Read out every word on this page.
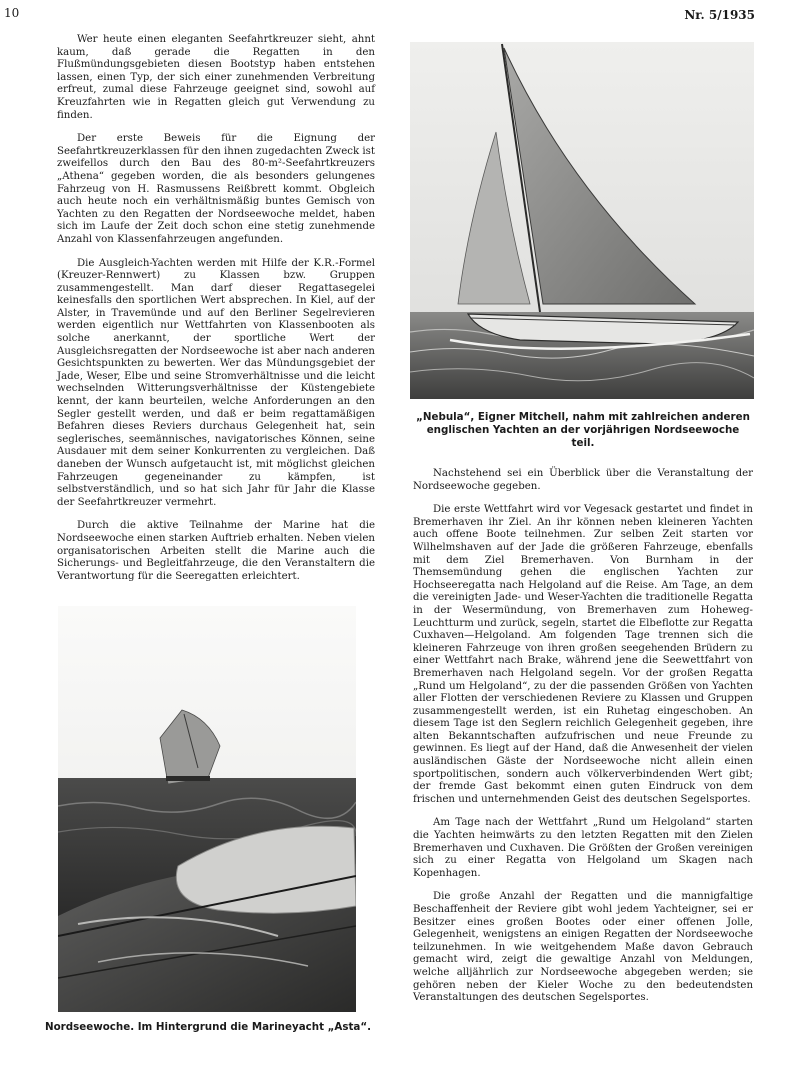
10	Nr. 5/1935

Wer heute einen eleganten Seefahrtkreuzer sieht, ahnt kaum, daß gerade die Regatten in den Flußmündungsgebieten diesen Bootstyp haben entstehen lassen, einen Typ, der sich einer zunehmenden Verbreitung erfreut, zumal diese Fahrzeuge geeignet sind, sowohl auf Kreuzfahrten wie in Regatten gleich gut Verwendung zu finden.

Der erste Beweis für die Eignung der Seefahrtkreuzerklassen für den ihnen zugedachten Zweck ist zweifellos durch den Bau des 80-m²-Seefahrtkreuzers „Athena“ gegeben worden, die als besonders gelungenes Fahrzeug von H. Rasmussens Reißbrett kommt. Obgleich auch heute noch ein verhältnismäßig buntes Gemisch von Yachten zu den Regatten der Nordseewoche meldet, haben sich im Laufe der Zeit doch schon eine stetig zunehmende Anzahl von Klassenfahrzeugen angefunden.

Die Ausgleich-Yachten werden mit Hilfe der K.R.-Formel (Kreuzer-Rennwert) zu Klassen bzw. Gruppen zusammengestellt. Man darf dieser Regattasegelei keinesfalls den sportlichen Wert absprechen. In Kiel, auf der Alster, in Travemünde und auf den Berliner Segelrevieren werden eigentlich nur Wettfahrten von Klassenbooten als solche anerkannt, der sportliche Wert der Ausgleichsregatten der Nordseewoche ist aber nach anderen Gesichtspunkten zu bewerten. Wer das Mündungsgebiet der Jade, Weser, Elbe und seine Stromverhältnisse und die leicht wechselnden Witterungsverhältnisse der Küstengebiete kennt, der kann beurteilen, welche Anforderungen an den Segler gestellt werden, und daß er beim regattamäßigen Befahren dieses Reviers durchaus Gelegenheit hat, sein seglerisches, seemännisches, navigatorisches Können, seine Ausdauer mit dem seiner Konkurrenten zu vergleichen. Daß daneben der Wunsch aufgetaucht ist, mit möglichst gleichen Fahrzeugen gegeneinander zu kämpfen, ist selbstverständlich, und so hat sich Jahr für Jahr die Klasse der Seefahrtkreuzer vermehrt.

Durch die aktive Teilnahme der Marine hat die Nordseewoche einen starken Auftrieb erhalten. Neben vielen organisatorischen Arbeiten stellt die Marine auch die Sicherungs- und Begleitfahrzeuge, die den Veranstaltern die Verantwortung für die Seeregatten erleichtert.

„Nebula“, Eigner Mitchell, nahm mit zahlreichen anderen englischen Yachten an der vorjährigen Nordseewoche teil.

Nachstehend sei ein Überblick über die Veranstaltung der Nordseewoche gegeben.

Die erste Wettfahrt wird vor Vegesack gestartet und findet in Bremerhaven ihr Ziel. An ihr können neben kleineren Yachten auch offene Boote teilnehmen. Zur selben Zeit starten vor Wilhelmshaven auf der Jade die größeren Fahrzeuge, ebenfalls mit dem Ziel Bremerhaven. Von Burnham in der Themsemündung gehen die englischen Yachten zur Hochseeregatta nach Helgoland auf die Reise. Am Tage, an dem die vereinigten Jade- und Weser-Yachten die traditionelle Regatta in der Wesermündung, von Bremerhaven zum Hoheweg-Leuchtturm und zurück, segeln, startet die Elbeflotte zur Regatta Cuxhaven—Helgoland. Am folgenden Tage trennen sich die kleineren Fahrzeuge von ihren großen seegehenden Brüdern zu einer Wettfahrt nach Brake, während jene die Seewettfahrt von Bremerhaven nach Helgoland segeln. Vor der großen Regatta „Rund um Helgoland“, zu der die passenden Größen von Yachten aller Flotten der verschiedenen Reviere zu Klassen und Gruppen zusammengestellt werden, ist ein Ruhetag eingeschoben. An diesem Tage ist den Seglern reichlich Gelegenheit gegeben, ihre alten Bekanntschaften aufzufrischen und neue Freunde zu gewinnen. Es liegt auf der Hand, daß die Anwesenheit der vielen ausländischen Gäste der Nordseewoche nicht allein einen sportpolitischen, sondern auch völkerverbindenden Wert gibt; der fremde Gast bekommt einen guten Eindruck von dem frischen und unternehmenden Geist des deutschen Segelsportes.

Am Tage nach der Wettfahrt „Rund um Helgoland“ starten die Yachten heimwärts zu den letzten Regatten mit den Zielen Bremerhaven und Cuxhaven. Die Größten der Großen vereinigen sich zu einer Regatta von Helgoland um Skagen nach Kopenhagen.

Die große Anzahl der Regatten und die mannigfaltige Beschaffenheit der Reviere gibt wohl jedem Yachteigner, sei er Besitzer eines großen Bootes oder einer offenen Jolle, Gelegenheit, wenigstens an einigen Regatten der Nordseewoche teilzunehmen. In wie weitgehendem Maße davon Gebrauch gemacht wird, zeigt die gewaltige Anzahl von Meldungen, welche alljährlich zur Nordseewoche abgegeben werden; sie gehören neben der Kieler Woche zu den bedeutendsten Veranstaltungen des deutschen Segelsportes.

Nordseewoche. Im Hintergrund die Marineyacht „Asta“.
